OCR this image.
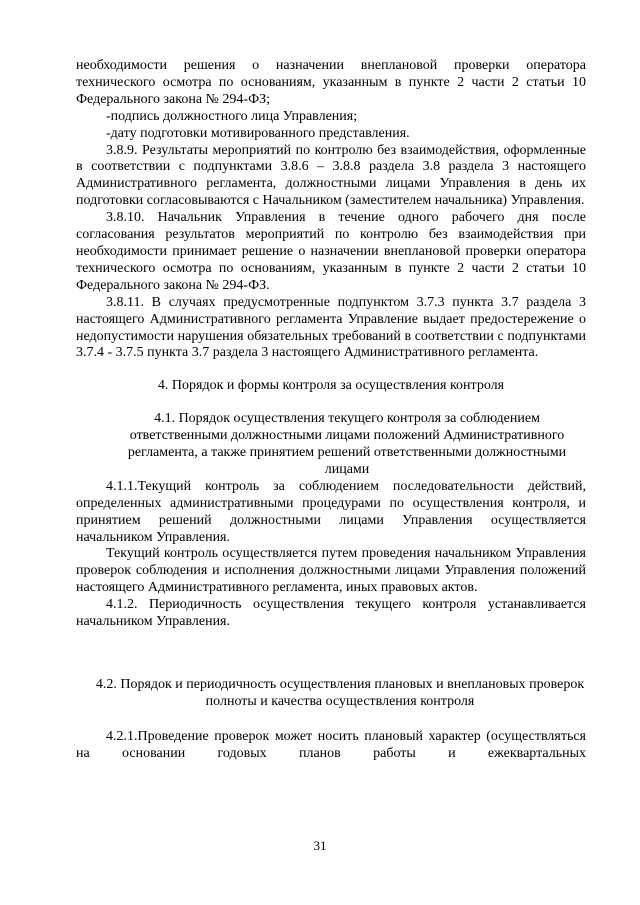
необходимости решения о назначении внеплановой проверки оператора технического осмотра по основаниям, указанным в пункте 2 части 2 статьи 10 Федерального закона № 294-ФЗ;

-подпись должностного лица Управления;

-дату подготовки мотивированного представления.

3.8.9. Результаты мероприятий по контролю без взаимодействия, оформленные в соответствии с подпунктами 3.8.6 – 3.8.8 раздела 3.8 раздела 3 настоящего Административного регламента, должностными лицами Управления в день их подготовки согласовываются с Начальником (заместителем начальника) Управления.

3.8.10. Начальник Управления в течение одного рабочего дня после согласования результатов мероприятий по контролю без взаимодействия при необходимости принимает решение о назначении внеплановой проверки оператора технического осмотра по основаниям, указанным в пункте 2 части 2 статьи 10 Федерального закона № 294-ФЗ.

3.8.11. В случаях предусмотренные подпунктом 3.7.3 пункта 3.7 раздела 3 настоящего Административного регламента Управление выдает предостережение о недопустимости нарушения обязательных требований в соответствии с подпунктами 3.7.4 - 3.7.5 пункта 3.7 раздела 3 настоящего Административного регламента.

4. Порядок и формы контроля за осуществления контроля

4.1. Порядок осуществления текущего контроля за соблюдением ответственными должностными лицами положений Административного регламента, а также принятием решений ответственными должностными лицами

4.1.1.Текущий контроль за соблюдением последовательности действий, определенных административными процедурами по осуществления контроля, и принятием решений должностными лицами Управления осуществляется начальником Управления.

Текущий контроль осуществляется путем проведения начальником Управления проверок соблюдения и исполнения должностными лицами Управления положений настоящего Административного регламента, иных правовых актов.

4.1.2. Периодичность осуществления текущего контроля устанавливается начальником Управления.

4.2. Порядок и периодичность осуществления плановых и внеплановых проверок полноты и качества осуществления контроля

4.2.1.Проведение проверок может носить плановый характер (осуществляться на основании годовых планов работы и ежеквартальных

31
